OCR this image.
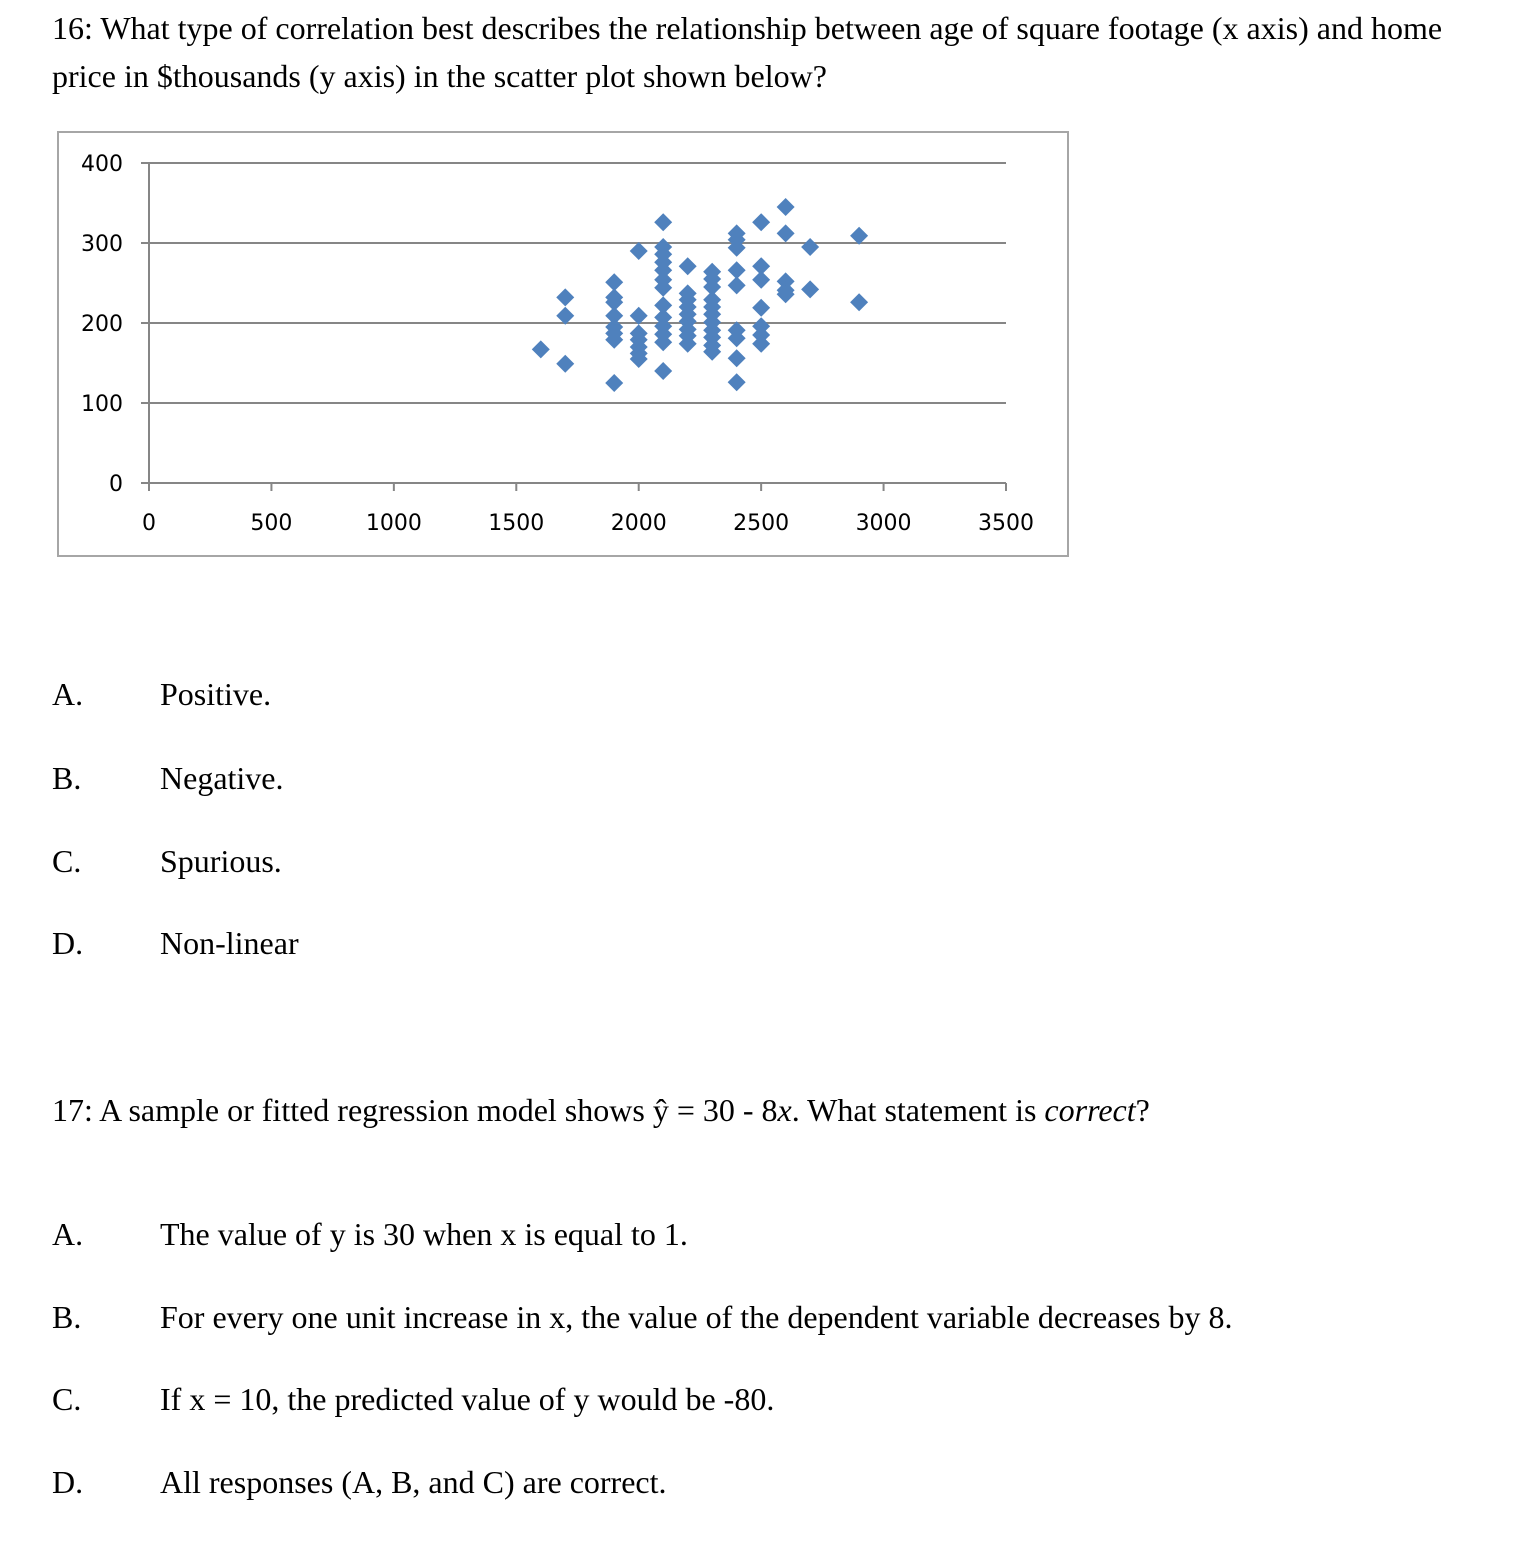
16: What type of correlation best describes the relationship between age of square footage (x axis) and home price in $thousands (y axis) in the scatter plot shown below?
0
100
200
300
400
0	500	1000	1500	2000	2500	3000	3500
A. Positive.
B. Negative.
C. Spurious.
D. Non-linear
17: A sample or fitted regression model shows ŷ = 30 - 8x. What statement is correct?
A. The value of y is 30 when x is equal to 1.
B. For every one unit increase in x, the value of the dependent variable decreases by 8.
C. If x = 10, the predicted value of y would be -80.
D. All responses (A, B, and C) are correct.
